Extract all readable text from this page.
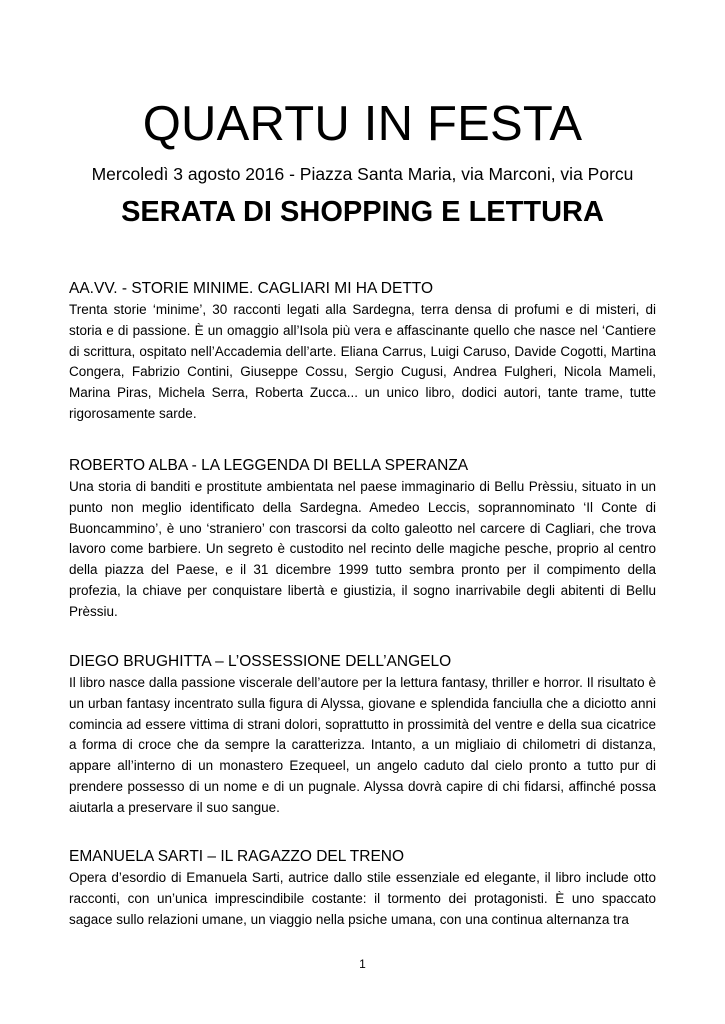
QUARTU IN FESTA

Mercoledì 3 agosto 2016 - Piazza Santa Maria, via Marconi, via Porcu

SERATA DI SHOPPING E LETTURA
AA.VV. - STORIE MINIME. CAGLIARI MI HA DETTO

Trenta storie ‘minime’, 30 racconti legati alla Sardegna, terra densa di profumi e di misteri, di storia e di passione. È un omaggio all’Isola più vera e affascinante quello che nasce nel ‘Cantiere di scrittura, ospitato nell’Accademia dell’arte. Eliana Carrus, Luigi Caruso, Davide Cogotti, Martina Congera, Fabrizio Contini, Giuseppe Cossu, Sergio Cugusi, Andrea Fulgheri, Nicola Mameli, Marina Piras, Michela Serra, Roberta Zucca... un unico libro, dodici autori, tante trame, tutte rigorosamente sarde.

ROBERTO ALBA - LA LEGGENDA DI BELLA SPERANZA

Una storia di banditi e prostitute ambientata nel paese immaginario di Bellu Prèssiu, situato in un punto non meglio identificato della Sardegna. Amedeo Leccis, soprannominato ‘Il Conte di Buoncammino’, è uno ‘straniero’ con trascorsi da colto galeotto nel carcere di Cagliari, che trova lavoro come barbiere. Un segreto è custodito nel recinto delle magiche pesche, proprio al centro della piazza del Paese, e il 31 dicembre 1999 tutto sembra pronto per il compimento della profezia, la chiave per conquistare libertà e giustizia, il sogno inarrivabile degli abitenti di Bellu Prèssiu.

DIEGO BRUGHITTA – L’OSSESSIONE DELL’ANGELO

Il libro nasce dalla passione viscerale dell’autore per la lettura fantasy, thriller e horror. Il risultato è un urban fantasy incentrato sulla figura di Alyssa, giovane e splendida fanciulla che a diciotto anni comincia ad essere vittima di strani dolori, soprattutto in prossimità del ventre e della sua cicatrice a forma di croce che da sempre la caratterizza. Intanto, a un migliaio di chilometri di distanza, appare all’interno di un monastero Ezequeel, un angelo caduto dal cielo pronto a tutto pur di prendere possesso di un nome e di un pugnale. Alyssa dovrà capire di chi fidarsi, affinché possa aiutarla a preservare il suo sangue.

EMANUELA SARTI – IL RAGAZZO DEL TRENO

Opera d’esordio di Emanuela Sarti, autrice dallo stile essenziale ed elegante, il libro include otto racconti, con un’unica imprescindibile costante: il tormento dei protagonisti. È uno spaccato sagace sullo relazioni umane, un viaggio nella psiche umana, con una continua alternanza tra

1
